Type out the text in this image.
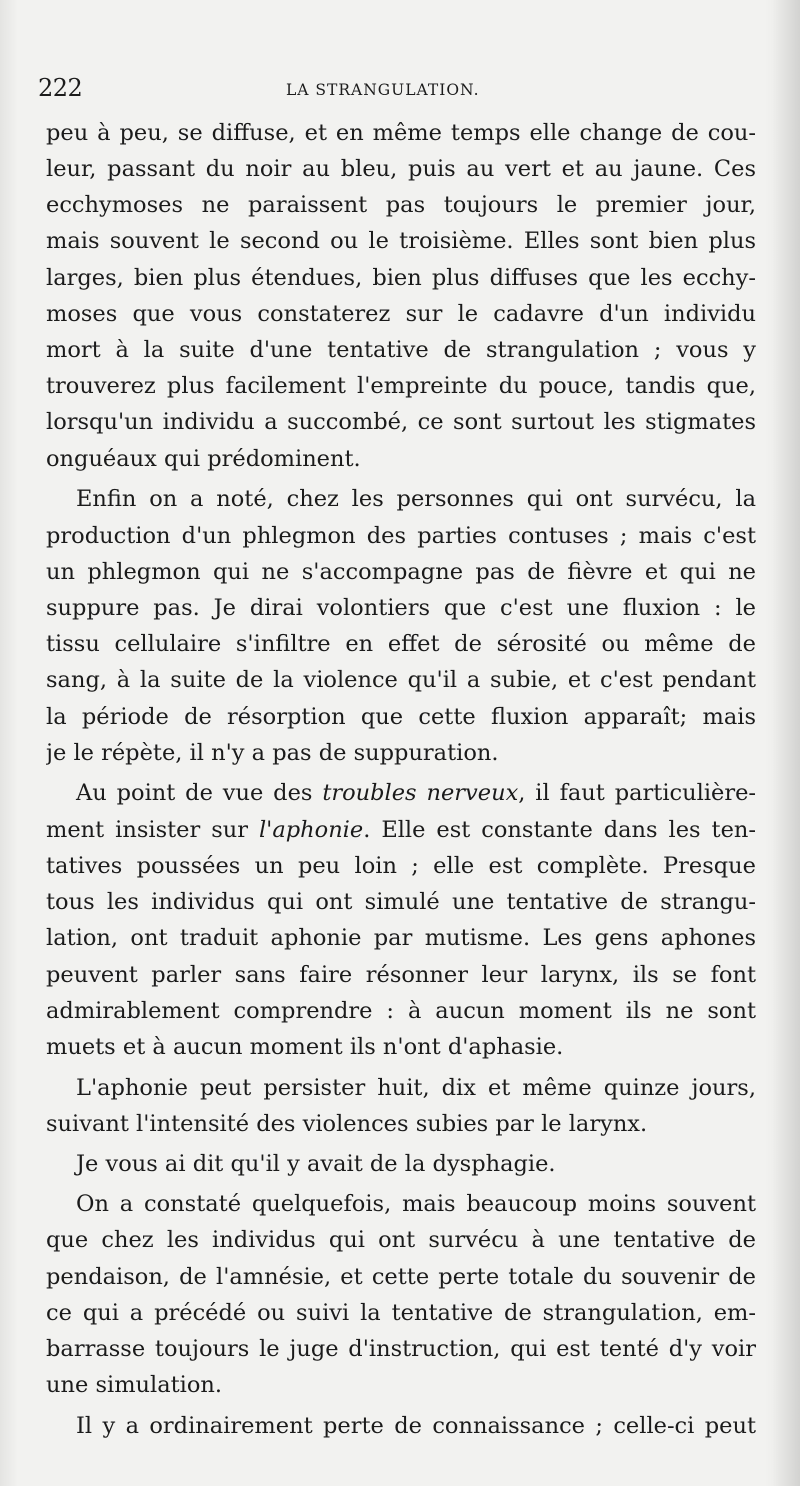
222	LA STRANGULATION.
peu à peu, se diffuse, et en même temps elle change de cou-
leur, passant du noir au bleu, puis au vert et au jaune. Ces
ecchymoses ne paraissent pas toujours le premier jour,
mais souvent le second ou le troisième. Elles sont bien plus
larges, bien plus étendues, bien plus diffuses que les ecchy-
moses que vous constaterez sur le cadavre d'un individu
mort à la suite d'une tentative de strangulation ; vous y
trouverez plus facilement l'empreinte du pouce, tandis que,
lorsqu'un individu a succombé, ce sont surtout les stigmates
onguéaux qui prédominent.
Enfin on a noté, chez les personnes qui ont survécu, la
production d'un phlegmon des parties contuses ; mais c'est
un phlegmon qui ne s'accompagne pas de fièvre et qui ne
suppure pas. Je dirai volontiers que c'est une fluxion : le
tissu cellulaire s'infiltre en effet de sérosité ou même de
sang, à la suite de la violence qu'il a subie, et c'est pendant
la période de résorption que cette fluxion apparaît; mais
je le répète, il n'y a pas de suppuration.
Au point de vue des troubles nerveux, il faut particulière-
ment insister sur l'aphonie. Elle est constante dans les ten-
tatives poussées un peu loin ; elle est complète. Presque
tous les individus qui ont simulé une tentative de strangu-
lation, ont traduit aphonie par mutisme. Les gens aphones
peuvent parler sans faire résonner leur larynx, ils se font
admirablement comprendre : à aucun moment ils ne sont
muets et à aucun moment ils n'ont d'aphasie.
L'aphonie peut persister huit, dix et même quinze jours,
suivant l'intensité des violences subies par le larynx.
Je vous ai dit qu'il y avait de la dysphagie.
On a constaté quelquefois, mais beaucoup moins souvent
que chez les individus qui ont survécu à une tentative de
pendaison, de l'amnésie, et cette perte totale du souvenir de
ce qui a précédé ou suivi la tentative de strangulation, em-
barrasse toujours le juge d'instruction, qui est tenté d'y voir
une simulation.
Il y a ordinairement perte de connaissance ; celle-ci peut
